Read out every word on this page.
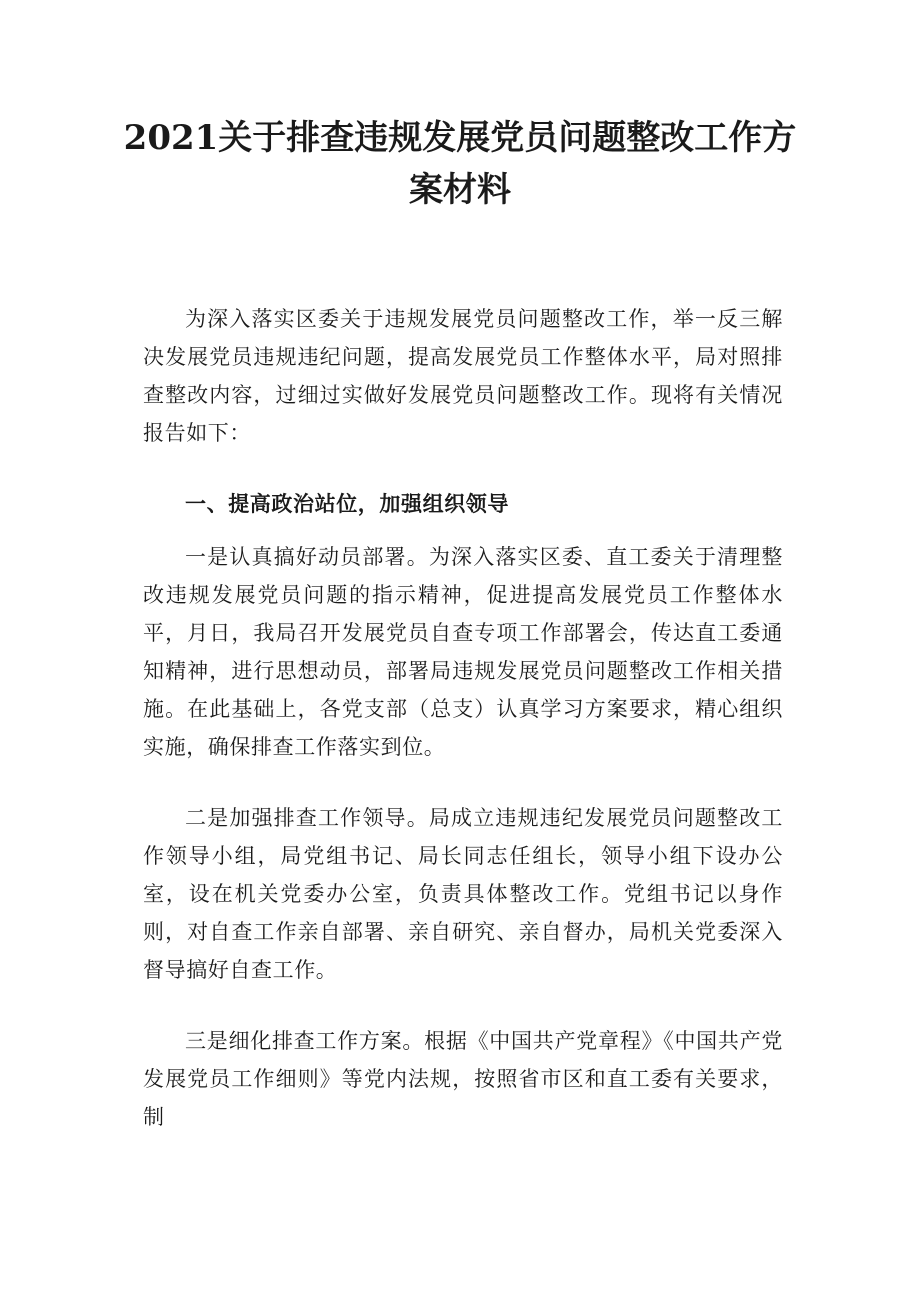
2021关于排查违规发展党员问题整改工作方案材料

为深入落实区委关于违规发展党员问题整改工作，举一反三解决发展党员违规违纪问题，提高发展党员工作整体水平，局对照排查整改内容，过细过实做好发展党员问题整改工作。现将有关情况报告如下：

一、提高政治站位，加强组织领导

一是认真搞好动员部署。为深入落实区委、直工委关于清理整改违规发展党员问题的指示精神，促进提高发展党员工作整体水平，月日，我局召开发展党员自查专项工作部署会，传达直工委通知精神，进行思想动员，部署局违规发展党员问题整改工作相关措施。在此基础上，各党支部（总支）认真学习方案要求，精心组织实施，确保排查工作落实到位。

二是加强排查工作领导。局成立违规违纪发展党员问题整改工作领导小组，局党组书记、局长同志任组长，领导小组下设办公室，设在机关党委办公室，负责具体整改工作。党组书记以身作则，对自查工作亲自部署、亲自研究、亲自督办，局机关党委深入督导搞好自查工作。

三是细化排查工作方案。根据《中国共产党章程》《中国共产党发展党员工作细则》等党内法规，按照省市区和直工委有关要求，制
